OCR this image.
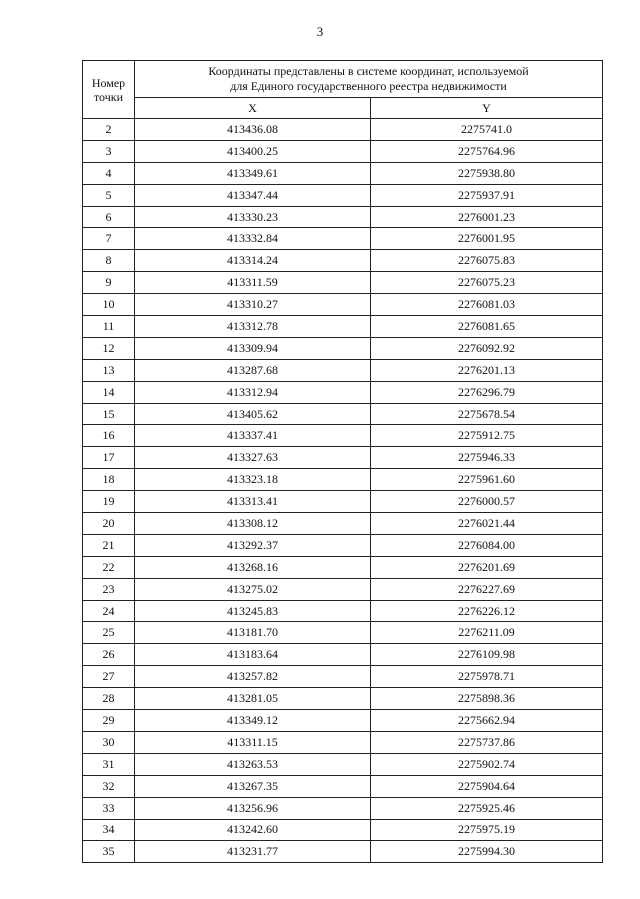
3
Номер
точки	Координаты представлены в системе координат, используемой
для Единого государственного реестра недвижимости	

	X	Y
2	413436.08	2275741.0
3	413400.25	2275764.96
4	413349.61	2275938.80
5	413347.44	2275937.91
6	413330.23	2276001.23
7	413332.84	2276001.95
8	413314.24	2276075.83
9	413311.59	2276075.23
10	413310.27	2276081.03
11	413312.78	2276081.65
12	413309.94	2276092.92
13	413287.68	2276201.13
14	413312.94	2276296.79
15	413405.62	2275678.54
16	413337.41	2275912.75
17	413327.63	2275946.33
18	413323.18	2275961.60
19	413313.41	2276000.57
20	413308.12	2276021.44
21	413292.37	2276084.00
22	413268.16	2276201.69
23	413275.02	2276227.69
24	413245.83	2276226.12
25	413181.70	2276211.09
26	413183.64	2276109.98
27	413257.82	2275978.71
28	413281.05	2275898.36
29	413349.12	2275662.94
30	413311.15	2275737.86
31	413263.53	2275902.74
32	413267.35	2275904.64
33	413256.96	2275925.46
34	413242.60	2275975.19
35	413231.77	2275994.30
